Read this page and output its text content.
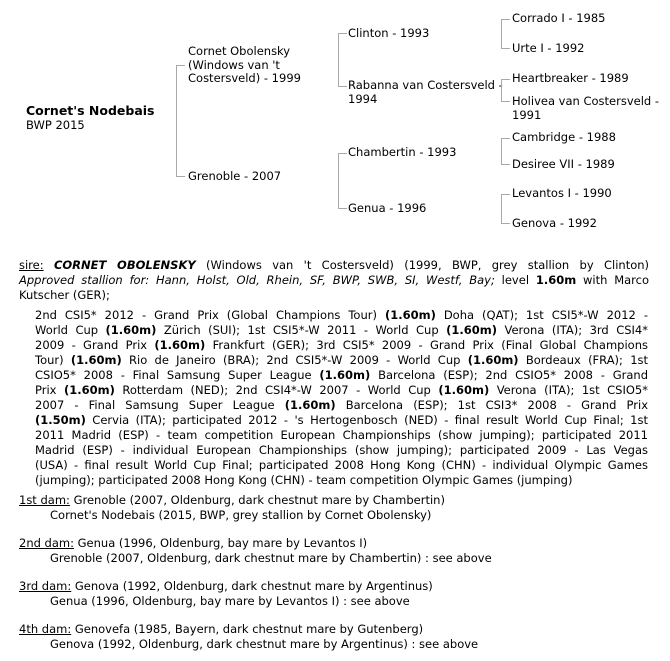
Cornet's Nodebais
BWP 2015
Cornet Obolensky
(Windows van 't
Costersveld) - 1999
Grenoble - 2007
Clinton - 1993
Rabanna van Costersveld -
1994
Chambertin - 1993
Genua - 1996
Corrado I - 1985
Urte I - 1992
Heartbreaker - 1989
Holivea van Costersveld -
1991
Cambridge - 1988
Desiree VII - 1989
Levantos I - 1990
Genova - 1992
sire: CORNET OBOLENSKY (Windows van 't Costersveld) (1999, BWP, grey stallion by Clinton)
Approved stallion for: Hann, Holst, Old, Rhein, SF, BWP, SWB, SI, Westf, Bay; level 1.60m with Marco
Kutscher (GER);
2nd CSI5* 2012 - Grand Prix (Global Champions Tour) (1.60m) Doha (QAT); 1st CSI5*-W 2012 -
World Cup (1.60m) Zürich (SUI); 1st CSI5*-W 2011 - World Cup (1.60m) Verona (ITA); 3rd CSI4*
2009 - Grand Prix (1.60m) Frankfurt (GER); 3rd CSI5* 2009 - Grand Prix (Final Global Champions
Tour) (1.60m) Rio de Janeiro (BRA); 2nd CSI5*-W 2009 - World Cup (1.60m) Bordeaux (FRA); 1st
CSIO5* 2008 - Final Samsung Super League (1.60m) Barcelona (ESP); 2nd CSIO5* 2008 - Grand
Prix (1.60m) Rotterdam (NED); 2nd CSI4*-W 2007 - World Cup (1.60m) Verona (ITA); 1st CSIO5*
2007 - Final Samsung Super League (1.60m) Barcelona (ESP); 1st CSI3* 2008 - Grand Prix
(1.50m) Cervia (ITA); participated 2012 - 's Hertogenbosch (NED) - final result World Cup Final; 1st
2011 Madrid (ESP) - team competition European Championships (show jumping); participated 2011
Madrid (ESP) - individual European Championships (show jumping); participated 2009 - Las Vegas
(USA) - final result World Cup Final; participated 2008 Hong Kong (CHN) - individual Olympic Games
(jumping); participated 2008 Hong Kong (CHN) - team competition Olympic Games (jumping)
1st dam: Grenoble (2007, Oldenburg, dark chestnut mare by Chambertin)
Cornet's Nodebais (2015, BWP, grey stallion by Cornet Obolensky)
2nd dam: Genua (1996, Oldenburg, bay mare by Levantos I)
Grenoble (2007, Oldenburg, dark chestnut mare by Chambertin) : see above
3rd dam: Genova (1992, Oldenburg, dark chestnut mare by Argentinus)
Genua (1996, Oldenburg, bay mare by Levantos I) : see above
4th dam: Genovefa (1985, Bayern, dark chestnut mare by Gutenberg)
Genova (1992, Oldenburg, dark chestnut mare by Argentinus) : see above
